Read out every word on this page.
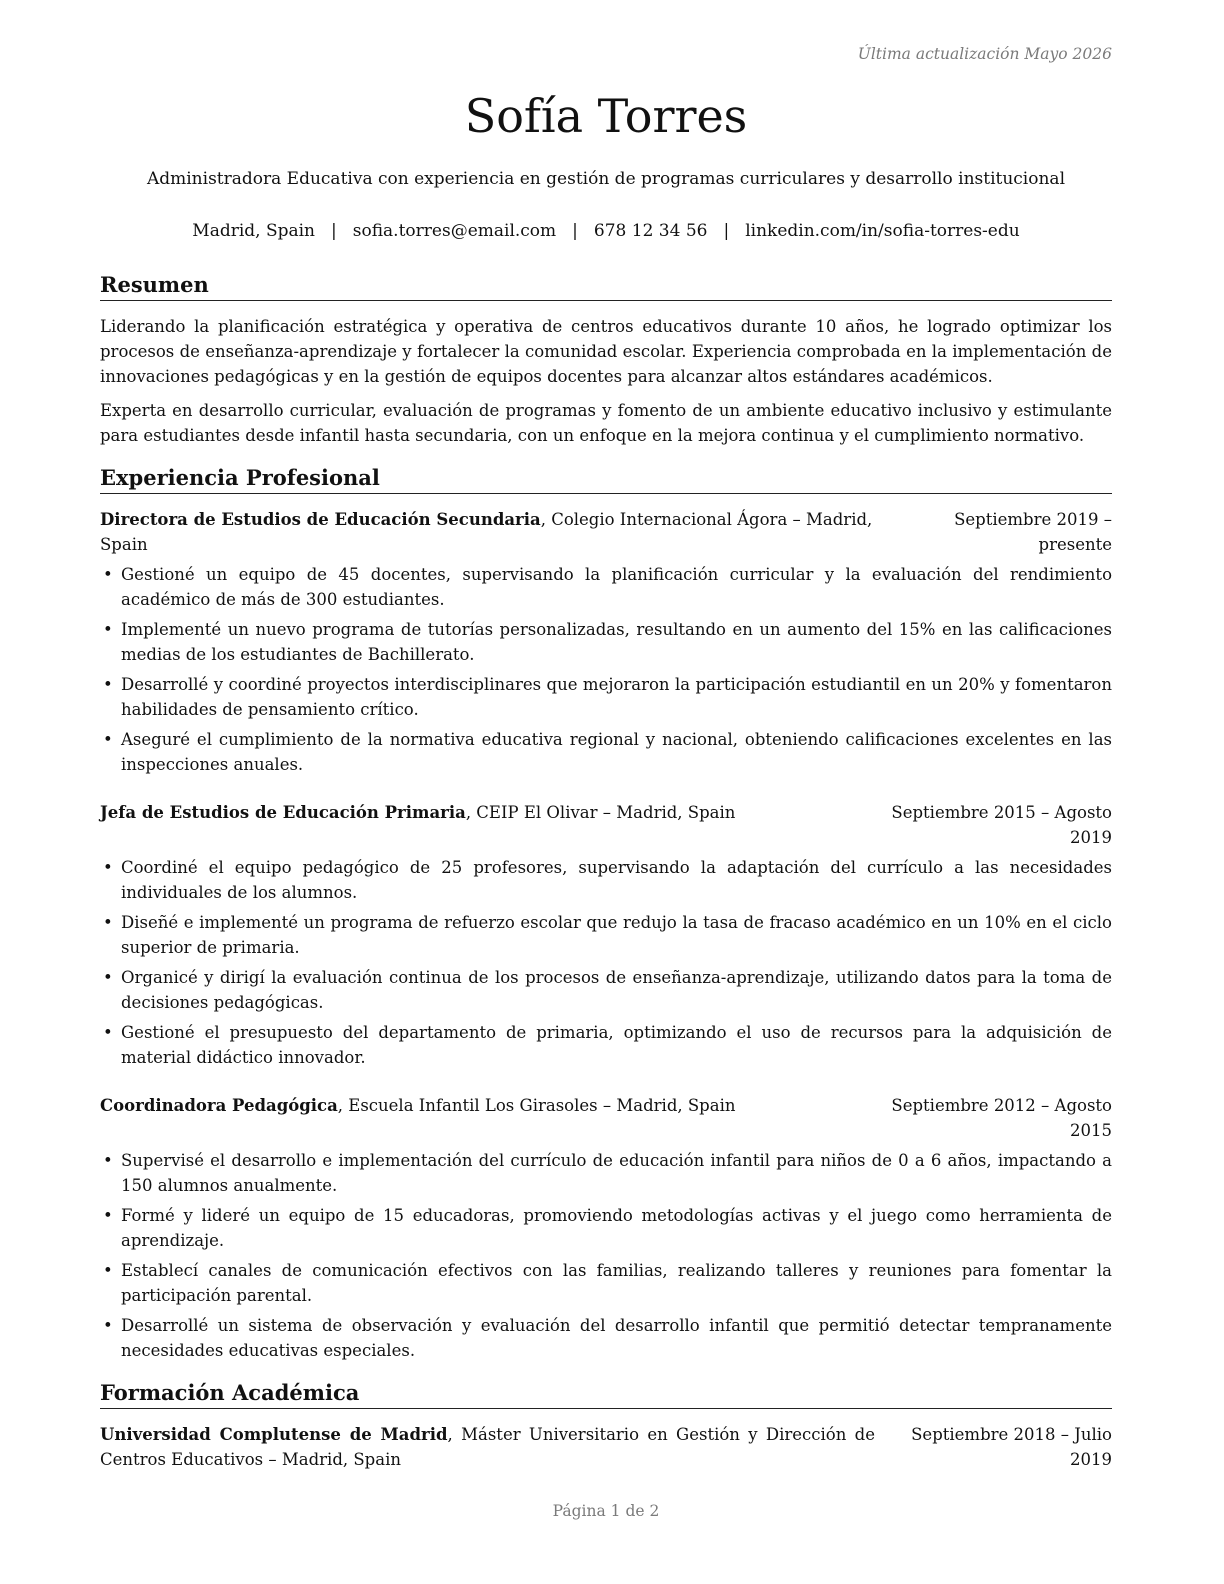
Última actualización Mayo 2026
Sofía Torres
Administradora Educativa con experiencia en gestión de programas curriculares y desarrollo institucional
Madrid, Spain | sofia.torres@email.com | 678 12 34 56 | linkedin.com/in/sofia-torres-edu
Resumen

Liderando la planificación estratégica y operativa de centros educativos durante 10 años, he logrado optimizar los procesos de enseñanza-aprendizaje y fortalecer la comunidad escolar. Experiencia comprobada en la implementación de innovaciones pedagógicas y en la gestión de equipos docentes para alcanzar altos estándares académicos.

Experta en desarrollo curricular, evaluación de programas y fomento de un ambiente educativo inclusivo y estimulante para estudiantes desde infantil hasta secundaria, con un enfoque en la mejora continua y el cumplimiento normativo.

Experiencia Profesional
Directora de Estudios de Educación Secundaria, Colegio Internacional Ágora – Madrid, Spain
Septiembre 2019 – presente
• Gestioné un equipo de 45 docentes, supervisando la planificación curricular y la evaluación del rendimiento académico de más de 300 estudiantes.
• Implementé un nuevo programa de tutorías personalizadas, resultando en un aumento del 15% en las calificaciones medias de los estudiantes de Bachillerato.
• Desarrollé y coordiné proyectos interdisciplinares que mejoraron la participación estudiantil en un 20% y fomentaron habilidades de pensamiento crítico.
• Aseguré el cumplimiento de la normativa educativa regional y nacional, obteniendo calificaciones excelentes en las inspecciones anuales.
Jefa de Estudios de Educación Primaria, CEIP El Olivar – Madrid, Spain	Septiembre 2015 – Agosto 2019
• Coordiné el equipo pedagógico de 25 profesores, supervisando la adaptación del currículo a las necesidades individuales de los alumnos.
• Diseñé e implementé un programa de refuerzo escolar que redujo la tasa de fracaso académico en un 10% en el ciclo superior de primaria.
• Organicé y dirigí la evaluación continua de los procesos de enseñanza-aprendizaje, utilizando datos para la toma de decisiones pedagógicas.
• Gestioné el presupuesto del departamento de primaria, optimizando el uso de recursos para la adquisición de material didáctico innovador.
Coordinadora Pedagógica, Escuela Infantil Los Girasoles – Madrid, Spain	Septiembre 2012 – Agosto 2015
• Supervisé el desarrollo e implementación del currículo de educación infantil para niños de 0 a 6 años, impactando a 150 alumnos anualmente.
• Formé y lideré un equipo de 15 educadoras, promoviendo metodologías activas y el juego como herramienta de aprendizaje.
• Establecí canales de comunicación efectivos con las familias, realizando talleres y reuniones para fomentar la participación parental.
• Desarrollé un sistema de observación y evaluación del desarrollo infantil que permitió detectar tempranamente necesidades educativas especiales.
Formación Académica
Universidad Complutense de Madrid, Máster Universitario en Gestión y Dirección de Centros Educativos – Madrid, Spain
Septiembre 2018 – Julio 2019
Página 1 de 2
